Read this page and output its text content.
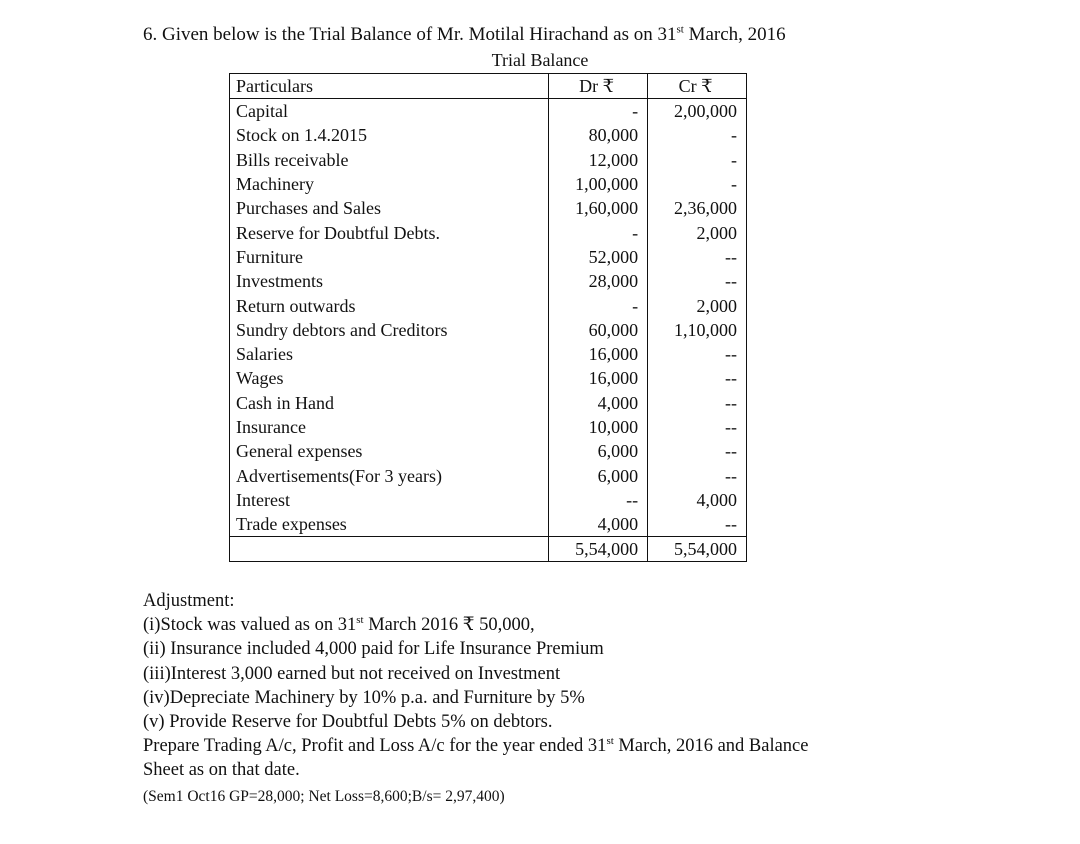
6. Given below is the Trial Balance of Mr. Motilal Hirachand as on 31st March, 2016
Trial Balance
Particulars	Dr ₹	Cr ₹
Capital	-	2,00,000
Stock on 1.4.2015	80,000	-
Bills receivable	12,000	-
Machinery	1,00,000	-
Purchases and Sales	1,60,000	2,36,000
Reserve for Doubtful Debts.	-	2,000
Furniture	52,000	--
Investments	28,000	--
Return outwards	-	2,000
Sundry debtors and Creditors	60,000	1,10,000
Salaries	16,000	--
Wages	16,000	--
Cash in Hand	4,000	--
Insurance	10,000	--
General expenses	6,000	--
Advertisements(For 3 years)	6,000	--
Interest	--	4,000
Trade expenses	4,000	--
	5,54,000	5,54,000
Adjustment:
(i)Stock was valued as on 31st March 2016 ₹ 50,000,
(ii) Insurance included 4,000 paid for Life Insurance Premium
(iii)Interest 3,000 earned but not received on Investment
(iv)Depreciate Machinery by 10% p.a. and Furniture by 5%
(v) Provide Reserve for Doubtful Debts 5% on debtors.
Prepare Trading A/c, Profit and Loss A/c for the year ended 31st March, 2016 and Balance
Sheet as on that date.
(Sem1 Oct16 GP=28,000; Net Loss=8,600;B/s= 2,97,400)
